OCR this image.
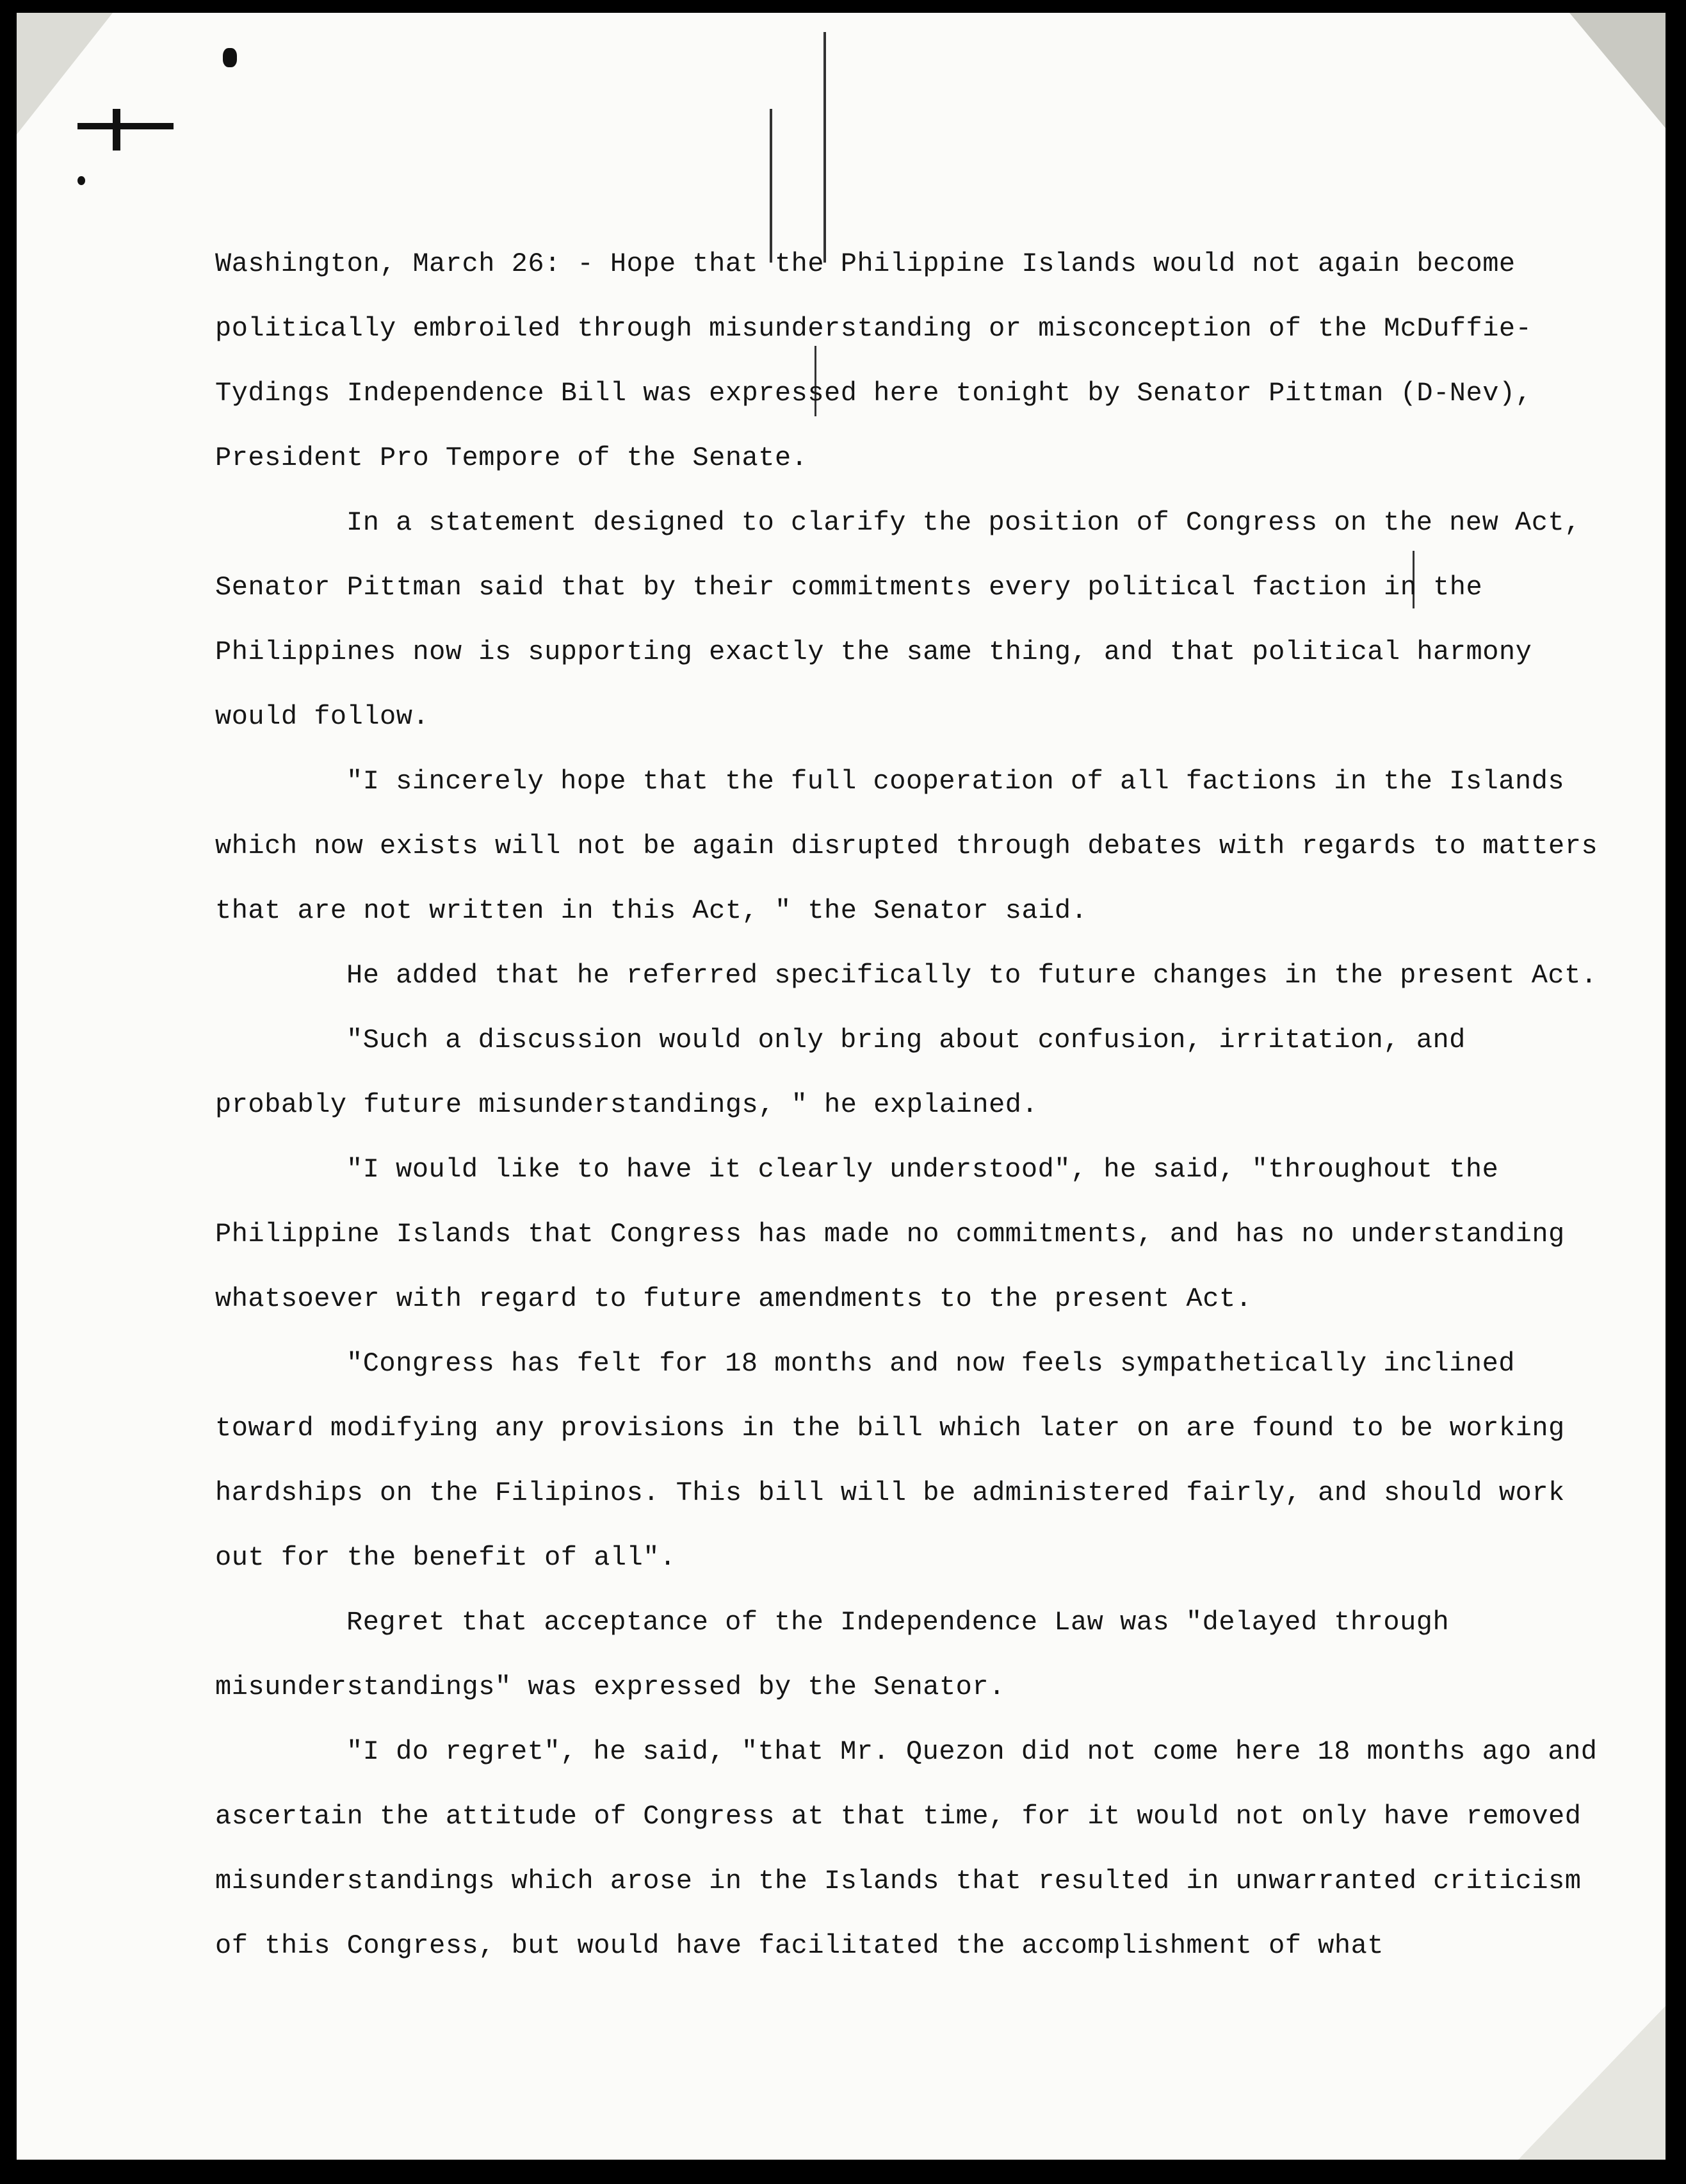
Washington, March 26: - Hope that the Philippine Islands would not again become politically embroiled through misunderstanding or misconception of the McDuffie-Tydings Independence Bill was expressed here tonight by Senator Pittman (D-Nev), President Pro Tempore of the Senate.

In a statement designed to clarify the position of Congress on the new Act, Senator Pittman said that by their commitments every political faction in the Philippines now is supporting exactly the same thing, and that political harmony would follow.

"I sincerely hope that the full cooperation of all factions in the Islands which now exists will not be again disrupted through debates with regards to matters that are not written in this Act, " the Senator said.

He added that he referred specifically to future changes in the present Act.

"Such a discussion would only bring about confusion, irritation, and probably future misunderstandings, " he explained.

"I would like to have it clearly understood", he said, "throughout the Philippine Islands that Congress has made no commitments, and has no understanding whatsoever with regard to future amendments to the present Act.

"Congress has felt for 18 months and now feels sympathetically inclined toward modifying any provisions in the bill which later on are found to be working hardships on the Filipinos. This bill will be administered fairly, and should work out for the benefit of all".

Regret that acceptance of the Independence Law was "delayed through misunderstandings" was expressed by the Senator.

"I do regret", he said, "that Mr. Quezon did not come here 18 months ago and ascertain the attitude of Congress at that time, for it would not only have removed misunderstandings which arose in the Islands that resulted in unwarranted criticism of this Congress, but would have facilitated the accomplishment of what
